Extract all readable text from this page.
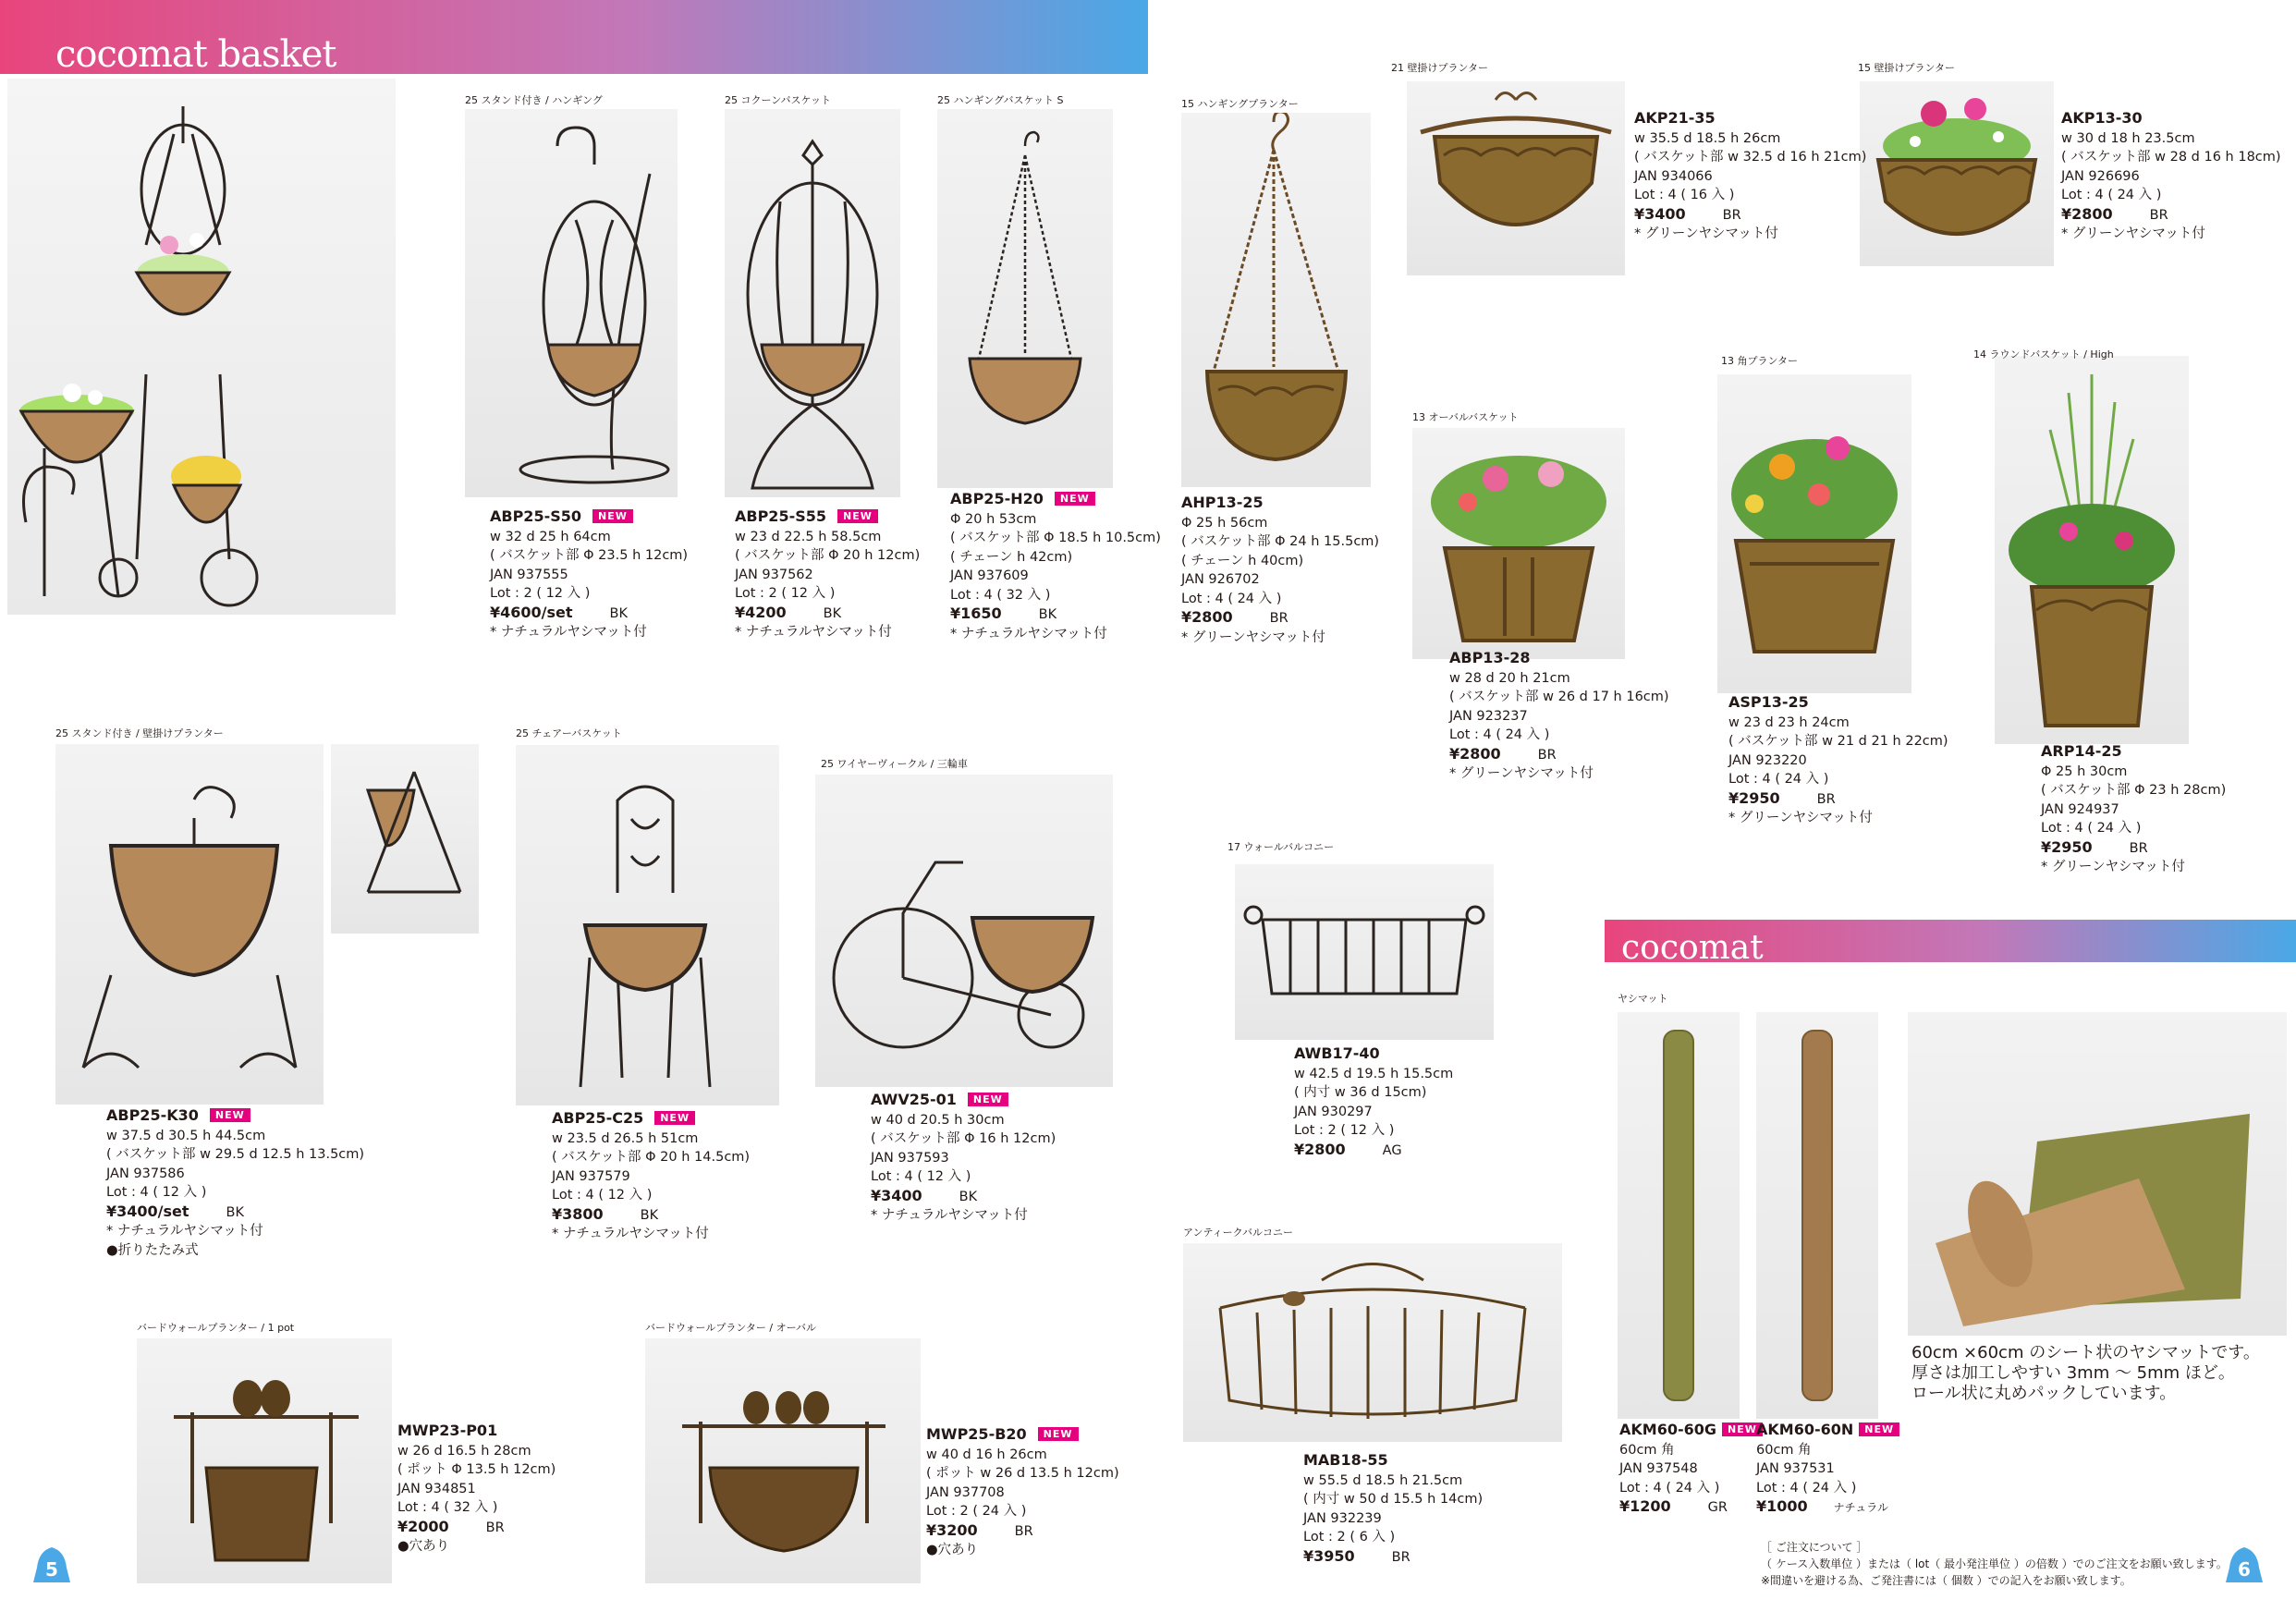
cocomat basket
cocomat
25 スタンド付き / ハンギング
ABP25-S50 NEW
w 32 d 25 h 64cm
( バスケット部 Φ 23.5 h 12cm)
JAN 937555
Lot : 2 ( 12 入 )
¥4600/set	BK
* ナチュラルヤシマット付
25 コクーンバスケット
ABP25-S55 NEW
w 23 d 22.5 h 58.5cm
( バスケット部 Φ 20 h 12cm)
JAN 937562
Lot : 2 ( 12 入 )
¥4200	BK
* ナチュラルヤシマット付
25 ハンギングバスケット S
ABP25-H20 NEW
Φ 20 h 53cm
( バスケット部 Φ 18.5 h 10.5cm)
( チェーン h 42cm)
JAN 937609
Lot : 4 ( 32 入 )
¥1650	BK
* ナチュラルヤシマット付
15 ハンギングプランター
AHP13-25
Φ 25 h 56cm
( バスケット部 Φ 24 h 15.5cm)
( チェーン h 40cm)
JAN 926702
Lot : 4 ( 24 入 )
¥2800	BR
* グリーンヤシマット付
21 壁掛けプランター
AKP21-35
w 35.5 d 18.5 h 26cm
( バスケット部 w 32.5 d 16 h 21cm)
JAN 934066
Lot : 4 ( 16 入 )
¥3400	BR
* グリーンヤシマット付
15 壁掛けプランター
AKP13-30
w 30 d 18 h 23.5cm
( バスケット部 w 28 d 16 h 18cm)
JAN 926696
Lot : 4 ( 24 入 )
¥2800	BR
* グリーンヤシマット付
13 オーバルバスケット
ABP13-28
w 28 d 20 h 21cm
( バスケット部 w 26 d 17 h 16cm)
JAN 923237
Lot : 4 ( 24 入 )
¥2800	BR
* グリーンヤシマット付
13 角プランター
ASP13-25
w 23 d 23 h 24cm
( バスケット部 w 21 d 21 h 22cm)
JAN 923220
Lot : 4 ( 24 入 )
¥2950	BR
* グリーンヤシマット付
14 ラウンドバスケット / High
ARP14-25
Φ 25 h 30cm
( バスケット部 Φ 23 h 28cm)
JAN 924937
Lot : 4 ( 24 入 )
¥2950	BR
* グリーンヤシマット付
25 スタンド付き / 壁掛けプランター
ABP25-K30 NEW
w 37.5 d 30.5 h 44.5cm
( バスケット部 w 29.5 d 12.5 h 13.5cm)
JAN 937586
Lot : 4 ( 12 入 )
¥3400/set	BK
* ナチュラルヤシマット付
●折りたたみ式
25 チェアーバスケット
ABP25-C25 NEW
w 23.5 d 26.5 h 51cm
( バスケット部 Φ 20 h 14.5cm)
JAN 937579
Lot : 4 ( 12 入 )
¥3800	BK
* ナチュラルヤシマット付
25 ワイヤーヴィークル / 三輪車
AWV25-01 NEW
w 40 d 20.5 h 30cm
( バスケット部 Φ 16 h 12cm)
JAN 937593
Lot : 4 ( 12 入 )
¥3400	BK
* ナチュラルヤシマット付
17 ウォールバルコニー
AWB17-40
w 42.5 d 19.5 h 15.5cm
( 内寸 w 36 d 15cm)
JAN 930297
Lot : 2 ( 12 入 )
¥2800	AG
アンティークバルコニー
MAB18-55
w 55.5 d 18.5 h 21.5cm
( 内寸 w 50 d 15.5 h 14cm)
JAN 932239
Lot : 2 ( 6 入 )
¥3950	BR
バードウォールプランター / 1 pot
MWP23-P01
w 26 d 16.5 h 28cm
( ポット Φ 13.5 h 12cm)
JAN 934851
Lot : 4 ( 32 入 )
¥2000	BR
●穴あり
バードウォールプランター / オーバル
MWP25-B20 NEW
w 40 d 16 h 26cm
( ポット w 26 d 13.5 h 12cm)
JAN 937708
Lot : 2 ( 24 入 )
¥3200	BR
●穴あり
ヤシマット
AKM60-60G NEW
60cm 角
JAN 937548
Lot : 4 ( 24 入 )
¥1200	GR
AKM60-60N NEW
60cm 角
JAN 937531
Lot : 4 ( 24 入 )
¥1000 ナチュラル
60cm ×60cm のシート状のヤシマットです。
厚さは加工しやすい 3mm ～ 5mm ほど。
ロール状に丸めパックしています。
［ ご注文について ］
（ ケース入数単位 ）または（ lot（ 最小発注単位 ）の倍数 ）でのご注文をお願い致します。
※間違いを避ける為、ご発注書には（ 個数 ）での記入をお願い致します。
5	6
